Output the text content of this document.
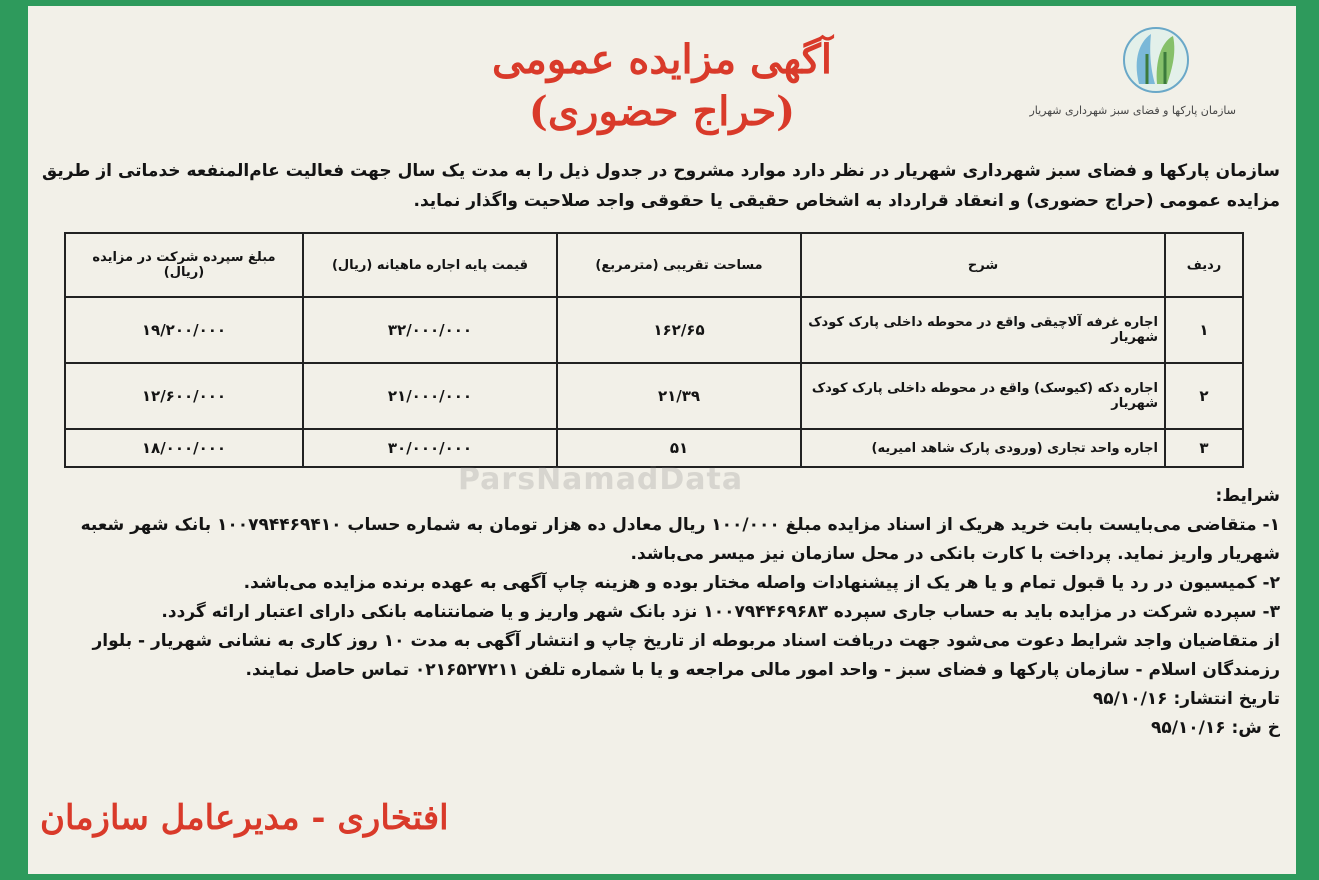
سازمان پارکها و فضای سبز شهرداری شهریار
آگهی مزایده عمومی
(حراج حضوری)
سازمان پارکها و فضای سبز شهرداری شهریار در نظر دارد موارد مشروح در جدول ذیل را به مدت یک سال جهت فعالیت عام‌المنفعه خدماتی از طریق مزایده عمومی (حراج حضوری) و انعقاد قرارداد به اشخاص حقیقی یا حقوقی واجد صلاحیت واگذار نماید.
ردیف	شرح	مساحت تقریبی (مترمربع)	قیمت پایه اجاره ماهیانه (ریال)	مبلغ سپرده شرکت در مزایده (ریال)
۱	اجاره غرفه آلاچیقی واقع در محوطه داخلی پارک کودک شهریار	۱۶۲/۶۵	۳۲/۰۰۰/۰۰۰	۱۹/۲۰۰/۰۰۰
۲	اجاره دکه (کیوسک) واقع در محوطه داخلی پارک کودک شهریار	۲۱/۳۹	۲۱/۰۰۰/۰۰۰	۱۲/۶۰۰/۰۰۰
۳	اجاره واحد تجاری (ورودی پارک شاهد امیریه)	۵۱	۳۰/۰۰۰/۰۰۰	۱۸/۰۰۰/۰۰۰
ParsNamadData	شرایط:

۱- متقاضی می‌بایست بابت خرید هریک از اسناد مزایده مبلغ ۱۰۰/۰۰۰ ریال معادل ده هزار تومان به شماره حساب ۱۰۰۷۹۴۴۶۹۴۱۰ بانک شهر شعبه شهریار واریز نماید. پرداخت با کارت بانکی در محل سازمان نیز میسر می‌باشد.

۲- کمیسیون در رد یا قبول تمام و یا هر یک از پیشنهادات واصله مختار بوده و هزینه چاپ آگهی به عهده برنده مزایده می‌باشد.

۳- سپرده شرکت در مزایده باید به حساب جاری سپرده ۱۰۰۷۹۴۴۶۹۶۸۳ نزد بانک شهر واریز و یا ضمانتنامه بانکی دارای اعتبار ارائه گردد.

از متقاضیان واجد شرایط دعوت می‌شود جهت دریافت اسناد مربوطه از تاریخ چاپ و انتشار آگهی به مدت ۱۰ روز کاری به نشانی شهریار - بلوار رزمندگان اسلام - سازمان پارکها و فضای سبز - واحد امور مالی مراجعه و یا با شماره تلفن ۰۲۱۶۵۲۷۲۱۱ تماس حاصل نمایند.

تاریخ انتشار: ۹۵/۱۰/۱۶

خ ش: ۹۵/۱۰/۱۶

افتخاری - مدیرعامل سازمان
